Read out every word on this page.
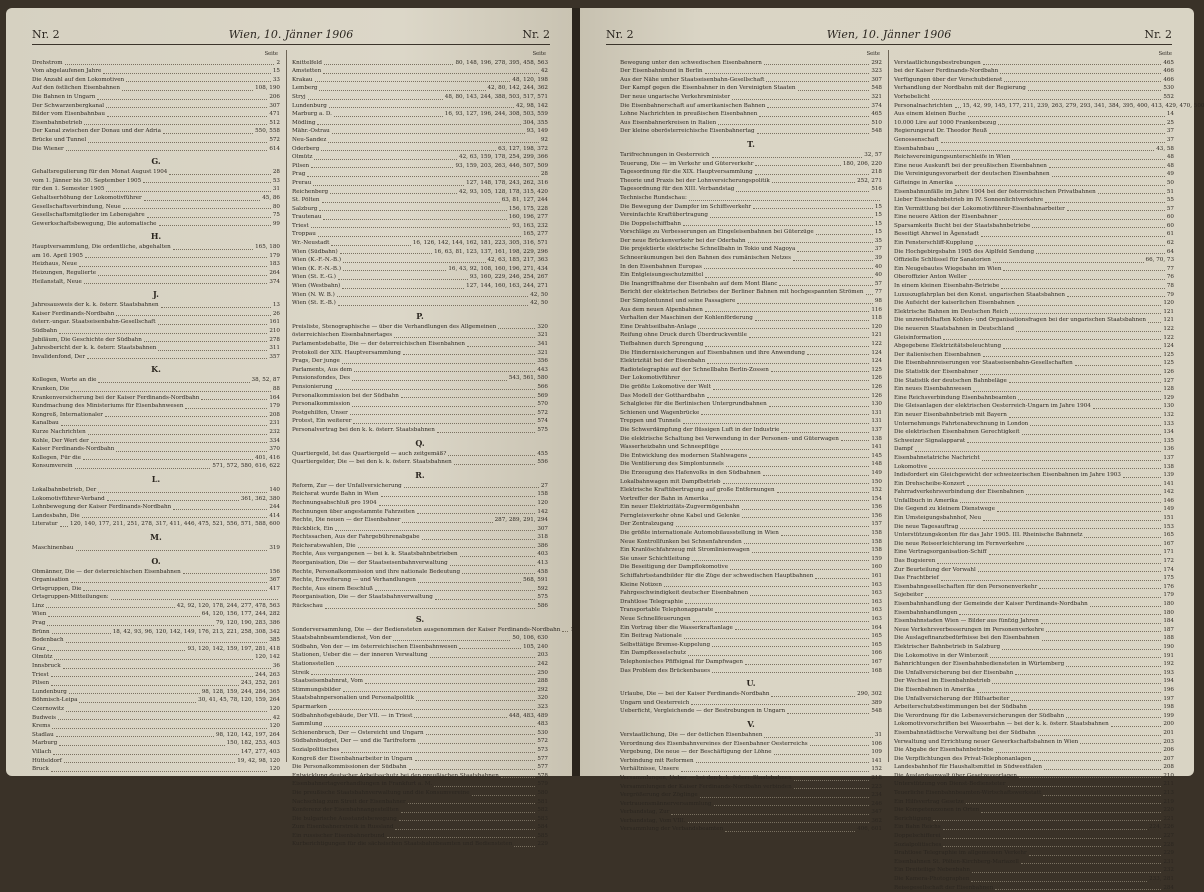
Nr. 2	Wien, 10. Jänner 1906	Nr. 2
Seite
Drehstrom	2
Vom abgelaufenen Jahre	15
Die Anzahl auf den Lokomotiven	33
Auf den östlichen Eisenbahnen	108, 190
Die Bahnen in Ungarn	206
Der Schwarzenbergkanal	307
Bilder vom Eisenbahnbau	471
Eisenbahnbetrieb	512
Der Kanal zwischen der Donau und der Adria	550, 558
Brücke und Tunnel	572
Die Wiener	614
G.
Gehaltsregulierung für den Monat August 1904	28
vom 1. Jänner bis 30. September 1905	53
für den 1. Semester 1905	31
Gehaltserhöhung der Lokomotivführer	45, 86
Gesellschaftsverbindung, Neue	80
Gesellschaftsmitglieder im Lebensjahre	75
Gewerkschaftsbewegung, Die automatische	99
H.
Hauptversammlung, Die ordentliche, abgehalten	165, 180
am 16. April 1905	179
Heizhaus, Neue	183
Heizungen, Regulierte	264
Heilanstalt, Neue	374
J.
Jahresausweis der k. k. österr. Staatsbahnen	13
Kaiser Ferdinands-Nordbahn	26
österr.-ungar. Staatseisenbahn-Gesellschaft	161
Südbahn	210
Jubiläum, Die Geschichte der Südbahn	278
Jahresbericht der k. k. österr. Staatsbahnen	311
Invalidenfond, Der	357
K.
Kollegen, Worte an die	38, 52, 87
Kranken, Die	88
Krankenversicherung bei der Kaiser Ferdinands-Nordbahn	164
Kundmachung des Ministeriums für Eisenbahnwesen	179
Kongreß, Internationaler	208
Kanalbau	231
Kurze Nachrichten	232
Kohle, Der Wert der	334
Kaiser Ferdinands-Nordbahn	370
Kollegen, Für die	401, 416
Konsumverein	571, 572, 580, 616, 622
L.
Lokalbahnbetrieb, Der	140
Lokomotivführer-Verband	361, 362, 380
Lohnbewegung der Kaiser Ferdinands-Nordbahn	244
Landesbahn, Die	414
Literatur 120, 140, 177, 211, 251, 278, 317, 411, 446, 475, 521, 556, 571, 588, 600
M.
Maschinenbau	319
O.
Obmänner, Die — der österreichischen Eisenbahnen	156
Organisation	367
Ortsgruppen, Die	417
Ortsgruppen-Mitteilungen:
Linz	42, 92, 120, 178, 244, 277, 478, 563
Wien	64, 120, 156, 177, 244, 282
Prag	79, 120, 190, 283, 386
Brünn	18, 42, 93, 96, 120, 142, 149, 176, 213, 221, 258, 308, 342
Bodenbach	385
Graz	93, 120, 142, 159, 197, 281, 418
Olmütz	120, 142
Innsbruck	36
Triest	244, 263
Pilsen	243, 252, 261
Lundenburg	98, 128, 159, 244, 284, 365
Böhmisch-Leipa	30, 41, 45, 78, 120, 159, 264
Czernowitz	120
Budweis	42
Krems	120
Stadlau	98, 120, 142, 197, 264
Marburg	150, 182, 253, 403
Villach	147, 277, 403
Hütteldorf	19, 42, 98, 120
Bruck	120
Seite
Knittelfeld	80, 148, 196, 278, 395, 458, 563
Amstetten	42
Krakau	48, 120, 198
Lemberg	42, 80, 142, 244, 362
Stryj	48, 80, 143, 244, 388, 503, 517, 571
Lundenburg	42, 98, 142
Marburg a. D.	16, 93, 127, 196, 244, 308, 503, 559
Mödling	304, 355
Mähr.-Ostrau	93, 149
Neu-Sandez	92
Oderberg	63, 127, 198, 372
Olmütz	42, 63, 159, 178, 254, 299, 366
Pilsen	93, 159, 203, 263, 446, 507, 509
Prag	28
Prerau	127, 148, 178, 243, 262, 316
Reichenberg	42, 93, 105, 128, 178, 315, 420
St. Pölten	63, 81, 127, 244
Salzburg	156, 175, 228
Trautenau	160, 196, 277
Triest	93, 163, 232
Troppau	165, 277
Wr.-Neustadt	16, 126, 142, 144, 162, 181, 223, 305, 316, 571
Wien (Südbahn)	16, 63, 81, 123, 137, 161, 198, 229, 296
Wien (K.-F.-N.-B.)	42, 63, 185, 217, 363
Wien (K. F.-N.-B.)	16, 43, 92, 108, 160, 196, 271, 434
Wien (St. E.-G.)	93, 160, 229, 246, 254, 267
Wien (Westbahn)	127, 144, 160, 163, 244, 271
Wien (N. W. B.)	42, 50
Wien (St. E.-B.)	42, 50
P.
Preisliste, Stenographische — über die Verhandlungen des Allgemeinen	320
österreichischen Eisenbahnertages	321
Parlamentsdebatte, Die — der österreichischen Eisenbahnen	341
Protokoll der XIX. Hauptversammlung	321
Prags, Der junge	356
Parlaments, Aus dem	443
Pensionsfondes, Des	543, 561, 580
Pensionierung	566
Personalkommission bei der Südbahn	569
Personalkommission	570
Postgehilfen, Unser	572
Protest, Ein weiterer	574
Personalvertrag bei den k. k. österr. Staatsbahnen	575
Q.
Quartiergeld, Ist das Quartiergeld — auch zeitgemäß?	455
Quartiergelder, Die — bei den k. k. österr. Staatsbahnen	556
R.
Reform, Zur — der Unfallversicherung	27
Reichsrat wurde Bahn in Wien	158
Rechnungsabschluß pro 1904	120
Rechnungen über angestammte Fahrzeiten	142
Rechte, Die neuen — der Eisenbahner	287, 289, 291, 294
Rückblick, Ein	307
Rechtssachen, Aus der Fahrgebührenabgabe	318
Reichsratswahlen, Die	386
Rechte, Aus vergangenen — bei k. k. Staatsbahnbetrieben	403
Reorganisation, Die — der Staatseisenbahnverwaltung	413
Rechte, Personalkommission und ihre nationale Bedeutung	458
Rechte, Erweiterung — und Verhandlungen	568, 591
Rechte, Aus einem Beschluß	592
Reorganisation, Die — der Staatsbahnverwaltung	575
Rückschau	586
S.
Sonderversammlung, Die — der Bediensteten ausgenommen der Kaiser Ferdinands-Nordbahn
Staatsbahnbeamtendienst, Von der	50, 106, 630
Südbahn, Von der — im österreichischen Eisenbahnwesen	105, 240
Stationen, Ueber die — der inneren Verwaltung	203
Stationsstellen	242
Streik	250
Staatseisenbahnrat, Vom	288
Stimmungsbilder	292
Staatsbahnpersonalien und Personalpolitik	320
Sparmarken	323
Südbahnhofsgebäude, Der VII. — in Triest	448, 483, 489
Sammlung	483
Schienenbruch, Der — Ostereicht und Ungarn	530
Südbahnbudget, Der — und die Tarifreform	572
Sozialpolitisches	573
Kongreß der Eisenbahnarbeiter in Ungarn	577
Die Personalkommissionen der Südbahn	577
Entwicklung deutscher Arbeitsschutz bei den preußischen Staatsbahnen	578
Eisenbahnertagverhandlungen in Frankfurt a. M.	579
Die preußische Staatsbahnverwaltung und die Konsumvereine	580
Nachschlag zum Streit der Eisenbahner	581
Konferenz der Eisenbahnangestellten	582
Die bulgarische Ausstandsbewegung	583
Zum Eisenbahnerstreik in Russland	584
Ein russischer Eisenbahnerbund	585
Kurberichtigungen für die sächsischen Staatsbahnbeamten und Bediensteten	229
Nr. 2	Wien, 10. Jänner 1906	Nr. 2
Seite
Bewegung unter den schwedischen Eisenbahnern	292
Der Eisenbahnbund in Berlin	323
Aus der Nähe umher Staatseisenbahn-Gesellschaft	307
Der Kampf gegen die Eisenbahner in den Vereinigten Staaten	548
Der neue ungarische Verkehrsminister	321
Die Eisenbahnerschaft auf amerikanischen Bahnen	374
Lohne Nachrichten in preußischen Eisenbahnen	465
Aus Eisenbahnerkreisen in Italien	510
Der kleine oberösterreichische Eisenbahnertag	548
T.
Tarifrechnungen in Oesterreich	32, 57
Teuerung, Die — im Verkehr und Güterverkehr	180, 206, 220
Tagesordnung für die XIX. Hauptversammlung	218
Theorie und Praxis bei der Lohnversicherungspolitik	252, 271
Tagesordnung für den XIII. Verbandstag	516
Technische Rundschau:
Die Bewegung der Dampfer im Schiffsverkehr	15
Vereinfachte Kraftübertragung	15
Die Doppelschiffbahn	15
Vorschläge zu Verbesserungen an Eingeleisenbahnen bei Güterzüge	15
Der neue Brückenverkehr bei der Oderbahn	35
Die projektierte elektrische Schnellbahn in Tokio und Nagoya	37
Schneeräumungen bei den Bahnen des rumänischen Netzes	39
In den Eisenbahnen Europas	40
Ein Entgleisungsschutzmittel	40
Die Inangriffnahme der Eisenbahn auf dem Mont Blanc	57
Bericht der elektrischen Betriebes der Berliner Bahnen mit hochgespannten Strömen 77
Der Simplontunnel und seine Passagiere	98
Aus dem neuen Alpenbahnen	116
Verhalten der Maschinen der Kohlenförderung	118
Eine Drahtseilbahn-Anlage	120
Reifung ohne Druck durch Überdruckventile	121
Tiefbahnen durch Sprengung	122
Die Hindernissicherungen auf Eisenbahnen und ihre Anwendung	124
Elektrizität bei der Eisenbahn	124
Radiotelegraphie auf der Schnellbahn Berlin-Zossen	125
Der Lokomotivführer	126
Die größte Lokomotive der Welt	126
Das Modell der Gotthardbahn	126
Schalgleise für die Berlinischen Untergrundbahnen	130
Schienen und Wagenbrücke	131
Treppen und Tunnels	131
Die Schwerdämpfung der flüssigen Luft in der Industrie	137
Die elektrische Schaltung bei Verwendung in der Personen- und Güterwagen	138
Wasserheizbahn und Schneepflüge	141
Die Entwicklung des modernen Stahlwagens	145
Die Ventilierung des Simplontunnels	148
Die Erzeugung des Hafenvolks in den Südbahnen	149
Lokalbahnwagen mit Dampfbetrieb	150
Elektrische Kraftübertragung auf große Entfernungen	152
Vortreffer der Bahn in Amerika	154
Ein neuer Elektrizitäts-Zugvermögenbahn	156
Ferngleisverkehr ohne Kabel und Gelenke	156
Der Zentralzugang	157
Die größte internationale Automobilausstellung in Wien	158
Neue Kontrollfunken bei Schnenfahrenden	158
Ein Kranlöschfahrzeug mit Stromlinienwagen	158
Sie unser Schichtleitung	159
Die Beseitigung der Dampflokomotive	160
Schiffahrtsstandbilder für die Züge der schwedischen Hauptbahnen	161
Kleine Notizen	163
Fahrgeschwindigkeit deutscher Eisenbahnen	163
Drahtlose Telegraphie	163
Transportable Telephonapparate	163
Neue Schnellfeuerungen	163
Ein Vortrag über die Wasserkraftanlage	164
Ein Beitrag Nationale	165
Selbsttätige Bremse-Kuppelung	165
Ein Dampfkesselschutz	166
Telephonisches Pfiffsignal für Dampfwagen	167
Das Problem des Brückenbaues	168
U.
Urlaube, Die — bei der Kaiser Ferdinands-Nordbahn	290, 302
Ungarn und Oesterreich	389
Ueberficht, Vergleichende — der Bestrebungen in Ungarn	548
V.
Verstaatlichung, Die — der östlichen Eisenbahnen	31
Verordnung des Eisenbahnvereines der Eisenbahner Oesterreichs	106
Vergebung, Die neue — der Beschäftigung der Löhne	109
Verbindung mit Reformen	141
Verhältnisse, Unsere	152
Versammlungen, Ueber — bei den k. k. österr. Staatsbahnen	218
Versammlungen der Kaiser Ferdinands-Nordbahn verbinden	223
Vergrößerung der Zöglinge	234
Vertrauensmännerversammlung	246
Verbandstag, Zur	347
Verbandstag, Vom VIII.	362
Versammlung der Verbandsbeamten	406, 601
Seite
Verstaatlichungsbestrebungen	465
bei der Kaiser Ferdinands-Nordbahn	466
Verfügungen über der Verschubdienst	466
Verhandlung der Nordbahn mit der Regierung	530
Vorhebelicht	552
Personalnachrichten 15, 42, 99, 145, 177, 211, 239, 263, 279, 293, 341, 384, 395, 400, 413, 429, 470, 500
Aus einem kleinen Buche	14
10.000 Lire auf 1000 Frankenbezug	25
Regierungsrat Dr. Theodor Reuß	37
Genossenschaft	37
Eisenbahnbau	43, 58
Reichsvereinigungsunterschleife in Wien	48
Eine neue Auskunft bei der preußischen Eisenbahnen	48
Die Vereinigungsvorarbeit der deutschen Eisenbahnen	49
Gifteinge in Amerika	50
Eisenbahnunfälle im Jahre 1904 bei der österreichischen Privatbahnen	51
Lieber Eisenbahnbetrieb im IV. Sonnenlichtverkehre	55
Ein Vermittlung bei der Lokomotivführer-Eisenbahnarbeiter	57
Eine neuere Aktion der Eisenbahner	60
Sparsamkeits Bucht bei der Staatsbahnbetriebe	60
Beseitigt Ahrwel in Ägenstadt	61
Ein Fensterschliff-Kupplung	62
Die Hochgebirgsbahn 1905 des Aiplfeld Sendung	64
Offizielle Schlüssel für Sanatorien	66, 70, 73
Ein Neugebautes Wiegebahn im Wien	77
Oberoffizier Anton Weller	76
In einem kleinen Eisenbahn-Betriebe	78
Luxuszugfahrplan bei den Konst. ungarischen Staatsbahnen	79
Die Aufsicht der kaiserlichen Eisenbahnen	120
Elektrische Bahnen im Deutschen Reich	121
Die unzweifelhaften Kohlen- und Organisationsfragen bei der ungarischen Staatsbahnen	121
Die neueren Staatsbahnen in Deutschland	122
Gleisinformation	122
Abgegebene Elektrizitätsbeleuchtung	124
Der italienischen Eisenbahnen	125
Die Eisenbahnreiserungen vor Staatseisenbahn-Gesellschaften	125
Die Statistik der Eisenbahner	126
Die Statistik der deutschen Bahnbeläge	127
Ein neues Eisenbahnwesen	128
Eine Reichsverbindung Eisenbahnbeamten	129
Die Gleisanlagen der elektrischen Oesterreich-Ungarn im Jahre 1904	130
Ein neuer Eisenbahnbetrieb mit Bayern	132
Unternehmungs Fahrtenabrechnung in London	133
Die elektrischen Eisenbahnen Gerechtigkeit	134
Schweizer Signalapparat	135
Dampf	136
Eisenbahnetatriche Nachricht	137
Lokomotive	138
Indisfordert ein Gleichgewicht der schweizerischen Eisenbahnen im Jahre 1903	139
Ein Drehscheibe-Konzert	141
Fahrradverkehrsverbindung der Eisenbahnen	142
Unfallbuch in Amerika	146
Die Gegend zu kleinem Dienstwege	149
Ein Umsteigungsbahnhof, Neu	151
Die neue Tagesauftrag	153
Unterstützungskonten für das Jahr 1905. III. Rheinische Bahnnetz	165
Die neue Reiseerleichterung im Fernverkehre	167
Eine Vertragsorganisation-Schiff	171
Das Bugsieren	172
Zur Beurteilung der Vorwahl	174
Das Frachtbrief	175
Eisenbahngesellschaften für den Personenverkehr	176
Sojebeiter	179
Eisenbahnhandlung der Gemeinde der Kaiser Ferdinands-Nordbahn	180
Eisenbahnhandlungen	180
Eisenbahnstaden Wien — Bilder aus fünfzig Jahren	184
Neue Verkehrsverbesserungen im Personenverkehre	187
Die Auslagefinanzbedürfnisse bei den Eisenbahnen	188
Elektrischer Bahnbetrieb in Salzburg	190
Die Lokomotive in der Winterzeit	191
Bahnrichtungen der Eisenbahnbediensteten in Würtemberg	192
Die Unfallversicherung bei der Eisenbahn	193
Der Wechsel im Eisenbahnbetrieb	194
Die Eisenbahnen in Amerika	196
Die Unfallversicherung der Hilfsarbeiter	197
Arbeiterschutzbestimmungen bei der Südbahn	198
Die Verordnung für die Lebensversicherungen der Südbahn	199
Lokomotivvorschriften bei Wasserbahn — bei der k. k. österr. Staatsbahnen	200
Eisenbahnstädtische Verwaltung bei der Südbahn	201
Verwaltung und Errichtung neuer Gewerkschaftsbahnen in Wien	203
Die Abgabe der Eisenbahnbetriebe	206
Die Verpflichtungen des Privat-Telephonanlagen	207
Landesbahnhof für Haushaltsmittel in Südwestfalen	208
Die Auslandsanwalt über Gesetzesvorlagen	210
Unterstützung von Dienst-Bediensteter	211
Teuerliche Eisenbahnbeamten-Wirtschaftswerkstatt	213
Ein Hilfsvertrag Gesetze	219
Die Kompetenzzonen in Orten	220
Berichtigung	221
Ein Bahn Reichs	224, 226
Doppelschifferei	227
Sozialpolitisches	228
Drahtlose Telegraphie im allgemeinen Verkehr	229
Eisenbahnen St. Pölten-Kirchberg-Mariazell	231
Ein Dreiteilige Nebenbahn	232
Die Kamera-Photographen	233, 281
Reisegesellschaft der Eisenbahnen	284
